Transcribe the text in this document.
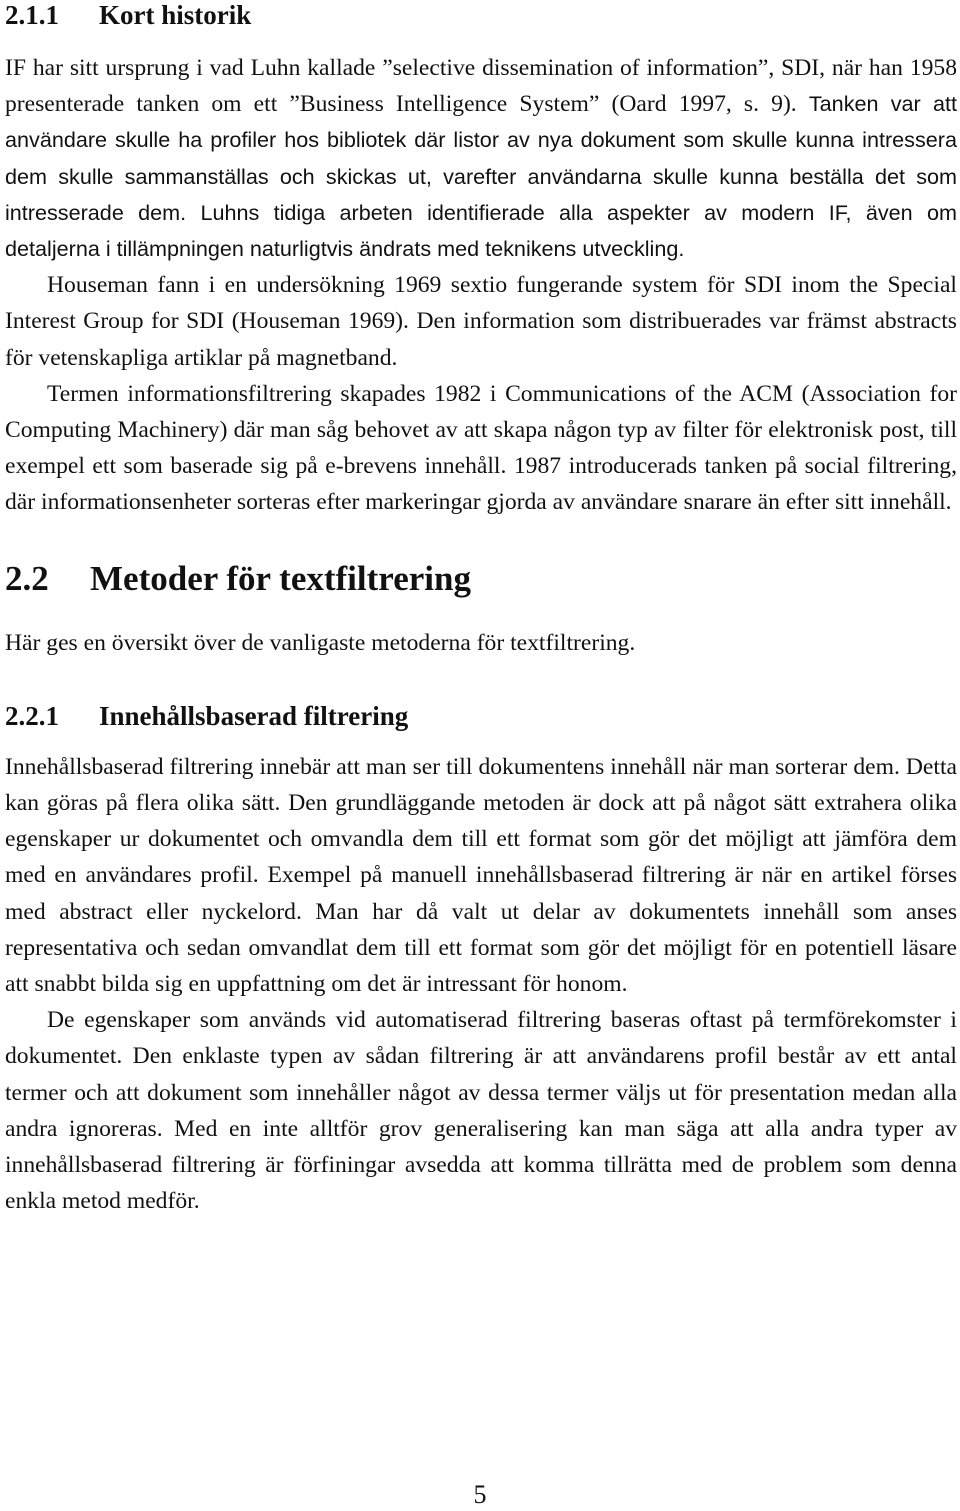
2.1.1 Kort historik

IF har sitt ursprung i vad Luhn kallade ”selective dissemination of information”, SDI, när han 1958 presenterade tanken om ett ”Business Intelligence System” (Oard 1997, s. 9). Tanken var att användare skulle ha profiler hos bibliotek där listor av nya dokument som skulle kunna intressera dem skulle sammanställas och skickas ut, varefter användarna skulle kunna beställa det som intresserade dem. Luhns tidiga arbeten identifierade alla aspekter av modern IF, även om detaljerna i tillämpningen naturligtvis ändrats med teknikens utveckling.

Houseman fann i en undersökning 1969 sextio fungerande system för SDI inom the Special Interest Group for SDI (Houseman 1969). Den information som distribuerades var främst abstracts för vetenskapliga artiklar på magnetband.

Termen informationsfiltrering skapades 1982 i Communications of the ACM (Association for Computing Machinery) där man såg behovet av att skapa någon typ av filter för elektronisk post, till exempel ett som baserade sig på e-brevens innehåll. 1987 introducerads tanken på social filtrering, där informationsenheter sorteras efter markeringar gjorda av användare snarare än efter sitt innehåll.

2.2 Metoder för textfiltrering

Här ges en översikt över de vanligaste metoderna för textfiltrering.

2.2.1 Innehållsbaserad filtrering

Innehållsbaserad filtrering innebär att man ser till dokumentens innehåll när man sorterar dem. Detta kan göras på flera olika sätt. Den grundläggande metoden är dock att på något sätt extrahera olika egenskaper ur dokumentet och omvandla dem till ett format som gör det möjligt att jämföra dem med en användares profil. Exempel på manuell innehållsbaserad filtrering är när en artikel förses med abstract eller nyckelord. Man har då valt ut delar av dokumentets innehåll som anses representativa och sedan omvandlat dem till ett format som gör det möjligt för en potentiell läsare att snabbt bilda sig en uppfattning om det är intressant för honom.

De egenskaper som används vid automatiserad filtrering baseras oftast på termförekomster i dokumentet. Den enklaste typen av sådan filtrering är att användarens profil består av ett antal termer och att dokument som innehåller något av dessa termer väljs ut för presentation medan alla andra ignoreras. Med en inte alltför grov generalisering kan man säga att alla andra typer av innehållsbaserad filtrering är förfiningar avsedda att komma tillrätta med de problem som denna enkla metod medför.

5
